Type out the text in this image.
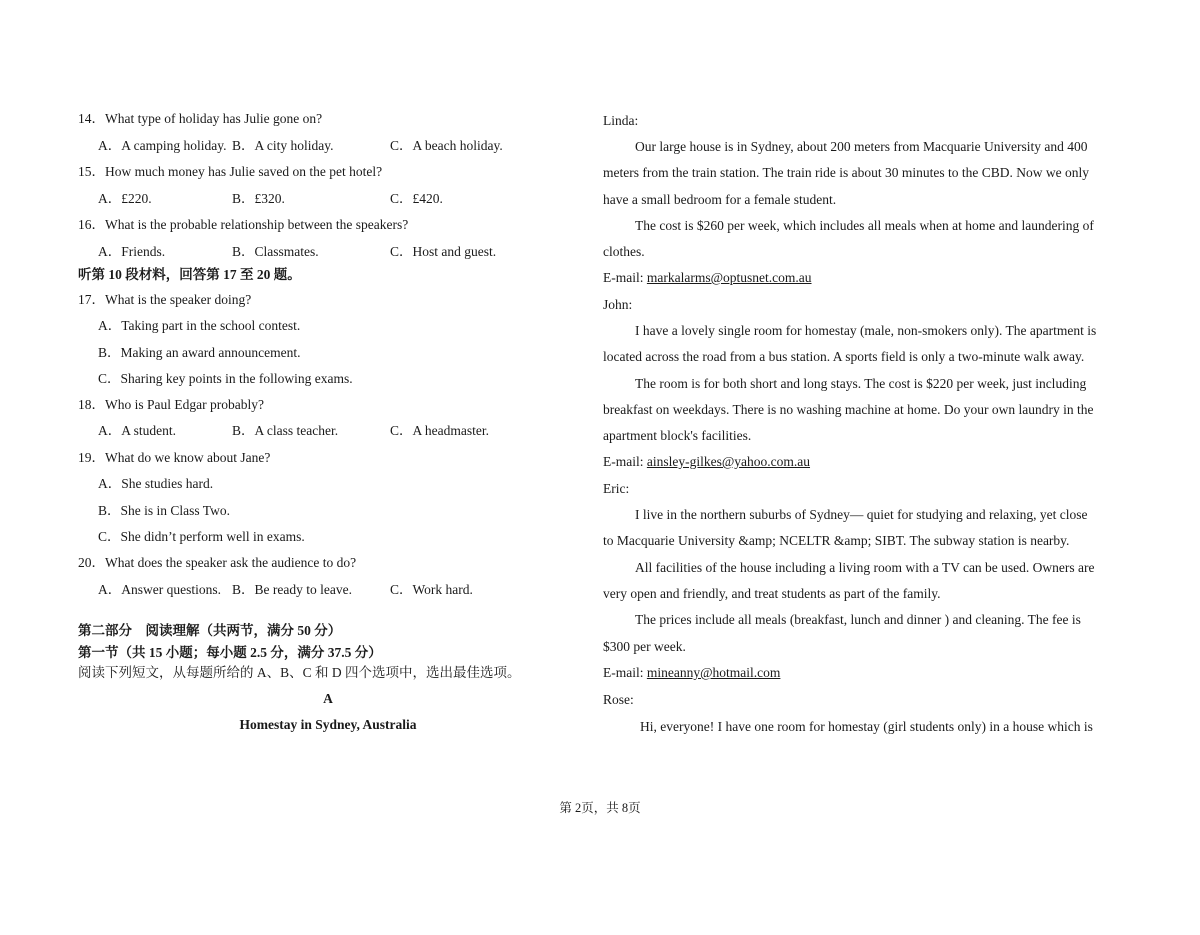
14．What type of holiday has Julie gone on?
A．A camping holiday. B．A city holiday.	C．A beach holiday.
15．How much money has Julie saved on the pet hotel?
A．£220.	B．£320.	C．£420.
16．What is the probable relationship between the speakers?
A．Friends.	B．Classmates.	C．Host and guest.
听第 10 段材料，回答第 17 至 20 题。
17．What is the speaker doing?
A．Taking part in the school contest.
B．Making an award announcement.
C．Sharing key points in the following exams.
18．Who is Paul Edgar probably?
A．A student.	B．A class teacher.	C．A headmaster.
19．What do we know about Jane?
A．She studies hard.
B．She is in Class Two.
C．She didn’t perform well in exams.
20．What does the speaker ask the audience to do?
A．Answer questions. B．Be ready to leave.	C．Work hard.
第二部分　阅读理解（共两节，满分 50 分）
第一节（共 15 小题；每小题 2.5 分，满分 37.5 分）
阅读下列短文，从每题所给的 A、B、C 和 D 四个选项中，选出最佳选项。
A
Homestay in Sydney, Australia
Linda:
Our large house is in Sydney, about 200 meters from Macquarie University and 400
meters from the train station. The train ride is about 30 minutes to the CBD. Now we only
have a small bedroom for a female student.
The cost is $260 per week, which includes all meals when at home and laundering of
clothes.
E-mail: markalarms@optusnet.com.au
John:
I have a lovely single room for homestay (male, non-smokers only). The apartment is
located across the road from a bus station. A sports field is only a two-minute walk away.
The room is for both short and long stays. The cost is $220 per week, just including
breakfast on weekdays. There is no washing machine at home. Do your own laundry in the
apartment block's facilities.
E-mail: ainsley-gilkes@yahoo.com.au
Eric:
I live in the northern suburbs of Sydney— quiet for studying and relaxing, yet close
to Macquarie University &amp; NCELTR &amp; SIBT. The subway station is nearby.
All facilities of the house including a living room with a TV can be used. Owners are
very open and friendly, and treat students as part of the family.
The prices include all meals (breakfast, lunch and dinner ) and cleaning. The fee is
$300 per week.
E-mail: mineanny@hotmail.com
Rose:
Hi, everyone! I have one room for homestay (girl students only) in a house which is
第 2页，共 8页
